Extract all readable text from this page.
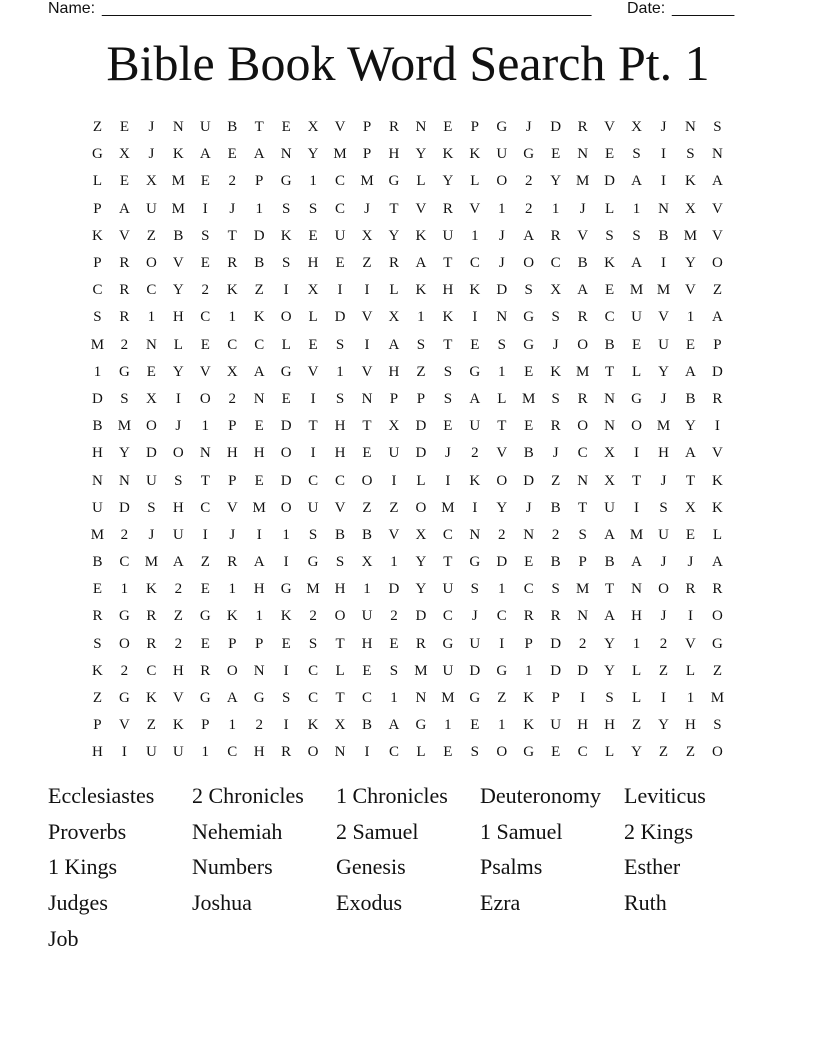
Name: _______________________________________________________ Date: _______
Bible Book Word Search Pt. 1
Z	E	J	N	U	B	T	E	X	V	P	R	N	E	P	G	J	D	R	V	X	J	N	S
G	X	J	K	A	E	A	N	Y M	P	H	Y	K	K	U	G	E	N	E	S	I	S	N
L	E	X M	E	2	P	G	1	C	M G	L	Y	L	O	2	Y M D	A	I	K	A
P	A	U M	I	J	1	S	S	C	J	T	V	R	V	1	2	1	J	L	1	N	X	V
K	V	Z	B	S	T	D	K	E	U	X	Y	K	U	1	J	A	R	V	S	S	B	M V
P	R	O	V	E	R	B	S	H	E	Z	R	A	T	C	J	O	C	B	K	A	I	Y	O
C	R	C	Y	2	K	Z	I	X	I	I	L	K	H	K	D	S	X	A	E	M M V	Z
S	R	1	H	C	1	K	O	L	D	V	X	1	K	I	N	G	S	R	C	U	V	1	A
M	2	N	L	E	C	C	L	E	S	I	A	S	T	E	S	G	J	O	B	E	U	E	P
1	G	E	Y	V	X	A	G	V	1	V	H	Z	S	G	1	E	K M	T	L	Y	A	D
D	S	X	I	O	2	N	E	I	S	N	P	P	S	A	L	M	S	R	N	G	J	B	R
B	M O	J	1	P	E	D	T	H	T	X	D	E	U	T	E	R	O	N	O M Y	I
H	Y	D	O	N	H	H	O	I	H	E	U	D	J	2	V	B	J	C	X	I	H	A	V
N	N	U	S	T	P	E	D	C	C	O	I	L	I	K	O	D	Z	N	X	T	J	T	K
U	D	S	H	C	V M O	U	V	Z	Z	O M	I	Y	J	B	T	U	I	S	X	K
M	2	J	U	I	J	I	1	S	B	B	V	X	C	N	2	N	2	S	A M U	E	L
B	C	M A	Z	R	A	I	G	S	X	1	Y	T	G	D	E	B	P	B	A	J	J	A
E	1	K	2	E	1	H	G M H	1	D	Y	U	S	1	C	S	M	T	N	O	R	R
R	G	R	Z	G	K	1	K	2	O	U	2	D	C	J	C	R	R	N	A	H	J	I	O
S	O	R	2	E	P	P	E	S	T	H	E	R	G	U	I	P	D	2	Y	1	2	V	G
K	2	C	H	R	O	N	I	C	L	E	S	M U	D	G	1	D	D	Y	L	Z	L	Z
Z	G	K	V	G	A	G	S	C	T	C	1	N M G	Z	K	P	I	S	L	I	1	M
P	V	Z	K	P	1	2	I	K	X	B	A	G	1	E	1	K	U	H	H	Z	Y	H	S
H	I	U	U	1	C	H	R	O	N	I	C	L	E	S	O	G	E	C	L	Y	Z	Z	O
Ecclesiastes	2 Chronicles	1 Chronicles	Deuteronomy	Leviticus
Proverbs	Nehemiah	2 Samuel	1 Samuel	2 Kings
1 Kings	Numbers	Genesis	Psalms	Esther
Judges	Joshua	Exodus	Ezra	Ruth
Job
